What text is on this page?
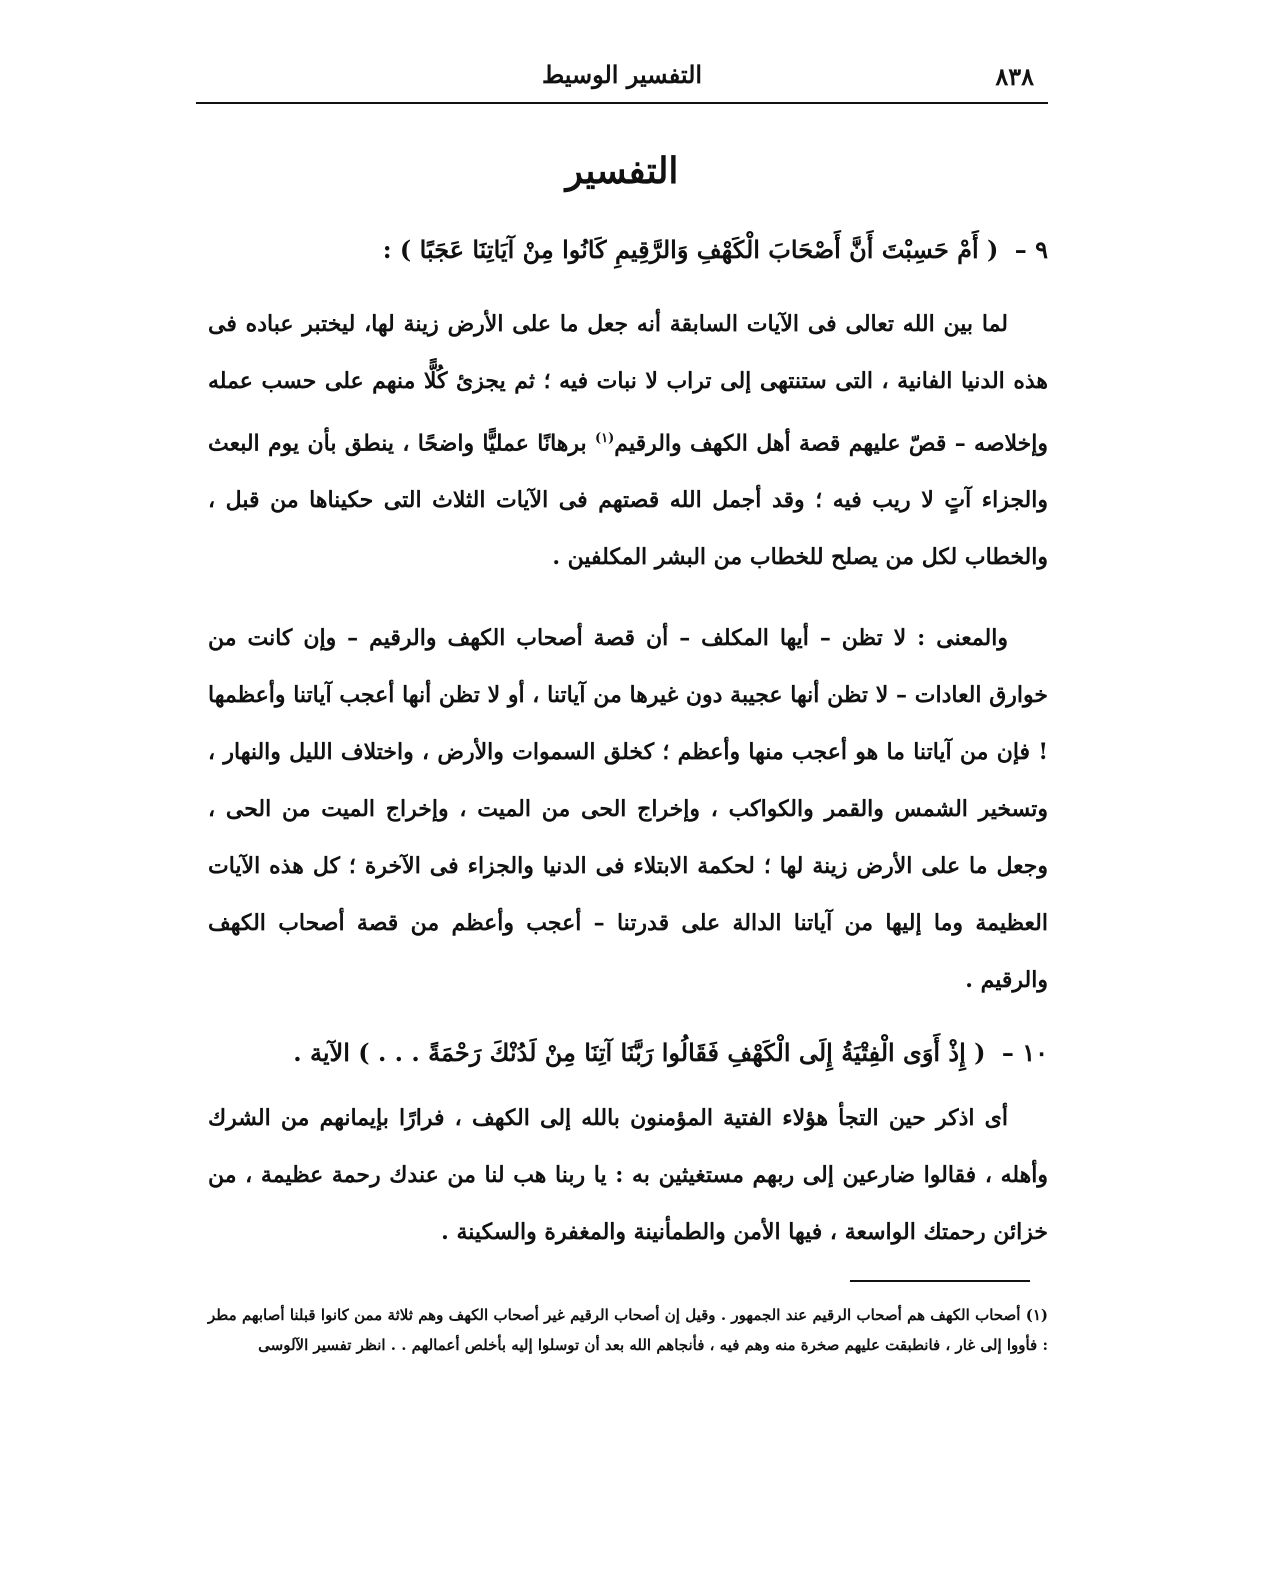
٨٣٨
التفسير الوسيط
التفسير
٩ – ( أَمْ حَسِبْتَ أَنَّ أَصْحَابَ الْكَهْفِ وَالرَّقِيمِ كَانُوا مِنْ آيَاتِنَا عَجَبًا ) :
لما بين الله تعالى فى الآيات السابقة أنه جعل ما على الأرض زينة لها، ليختبر عباده فى هذه الدنيا الفانية ، التى ستنتهى إلى تراب لا نبات فيه ؛ ثم يجزئ كُلًّا منهم على حسب عمله وإخلاصه – قصّ عليهم قصة أهل الكهف والرقيم$^{(١)}$ برهانًا عمليًّا واضحًا ، ينطق بأن يوم البعث والجزاء آتٍ لا ريب فيه ؛ وقد أجمل الله قصتهم فى الآيات الثلاث التى حكيناها من قبل ، والخطاب لكل من يصلح للخطاب من البشر المكلفين .
والمعنى : لا تظن – أيها المكلف – أن قصة أصحاب الكهف والرقيم – وإن كانت من خوارق العادات – لا تظن أنها عجيبة دون غيرها من آياتنا ، أو لا تظن أنها أعجب آياتنا وأعظمها ! فإن من آياتنا ما هو أعجب منها وأعظم ؛ كخلق السموات والأرض ، واختلاف الليل والنهار ، وتسخير الشمس والقمر والكواكب ، وإخراج الحى من الميت ، وإخراج الميت من الحى ، وجعل ما على الأرض زينة لها ؛ لحكمة الابتلاء فى الدنيا والجزاء فى الآخرة ؛ كل هذه الآيات العظيمة وما إليها من آياتنا الدالة على قدرتنا – أعجب وأعظم من قصة أصحاب الكهف والرقيم .
١٠ – ( إِذْ أَوَى الْفِتْيَةُ إِلَى الْكَهْفِ فَقَالُوا رَبَّنَا آتِنَا مِنْ لَدُنْكَ رَحْمَةً . . . ) الآية .
أى اذكر حين التجأ هؤلاء الفتية المؤمنون بالله إلى الكهف ، فرارًا بإيمانهم من الشرك وأهله ، فقالوا ضارعين إلى ربهم مستغيثين به : يا ربنا هب لنا من عندك رحمة عظيمة ، من خزائن رحمتك الواسعة ، فيها الأمن والطمأنينة والمغفرة والسكينة .
(١) أصحاب الكهف هم أصحاب الرقيم عند الجمهور . وقيل إن أصحاب الرقيم غير أصحاب الكهف وهم ثلاثة ممن كانوا قبلنا أصابهم مطر : فأووا إلى غار ، فانطبقت عليهم صخرة منه وهم فيه ، فأنجاهم الله بعد أن توسلوا إليه بأخلص أعمالهم . . انظر تفسير الآلوسى
